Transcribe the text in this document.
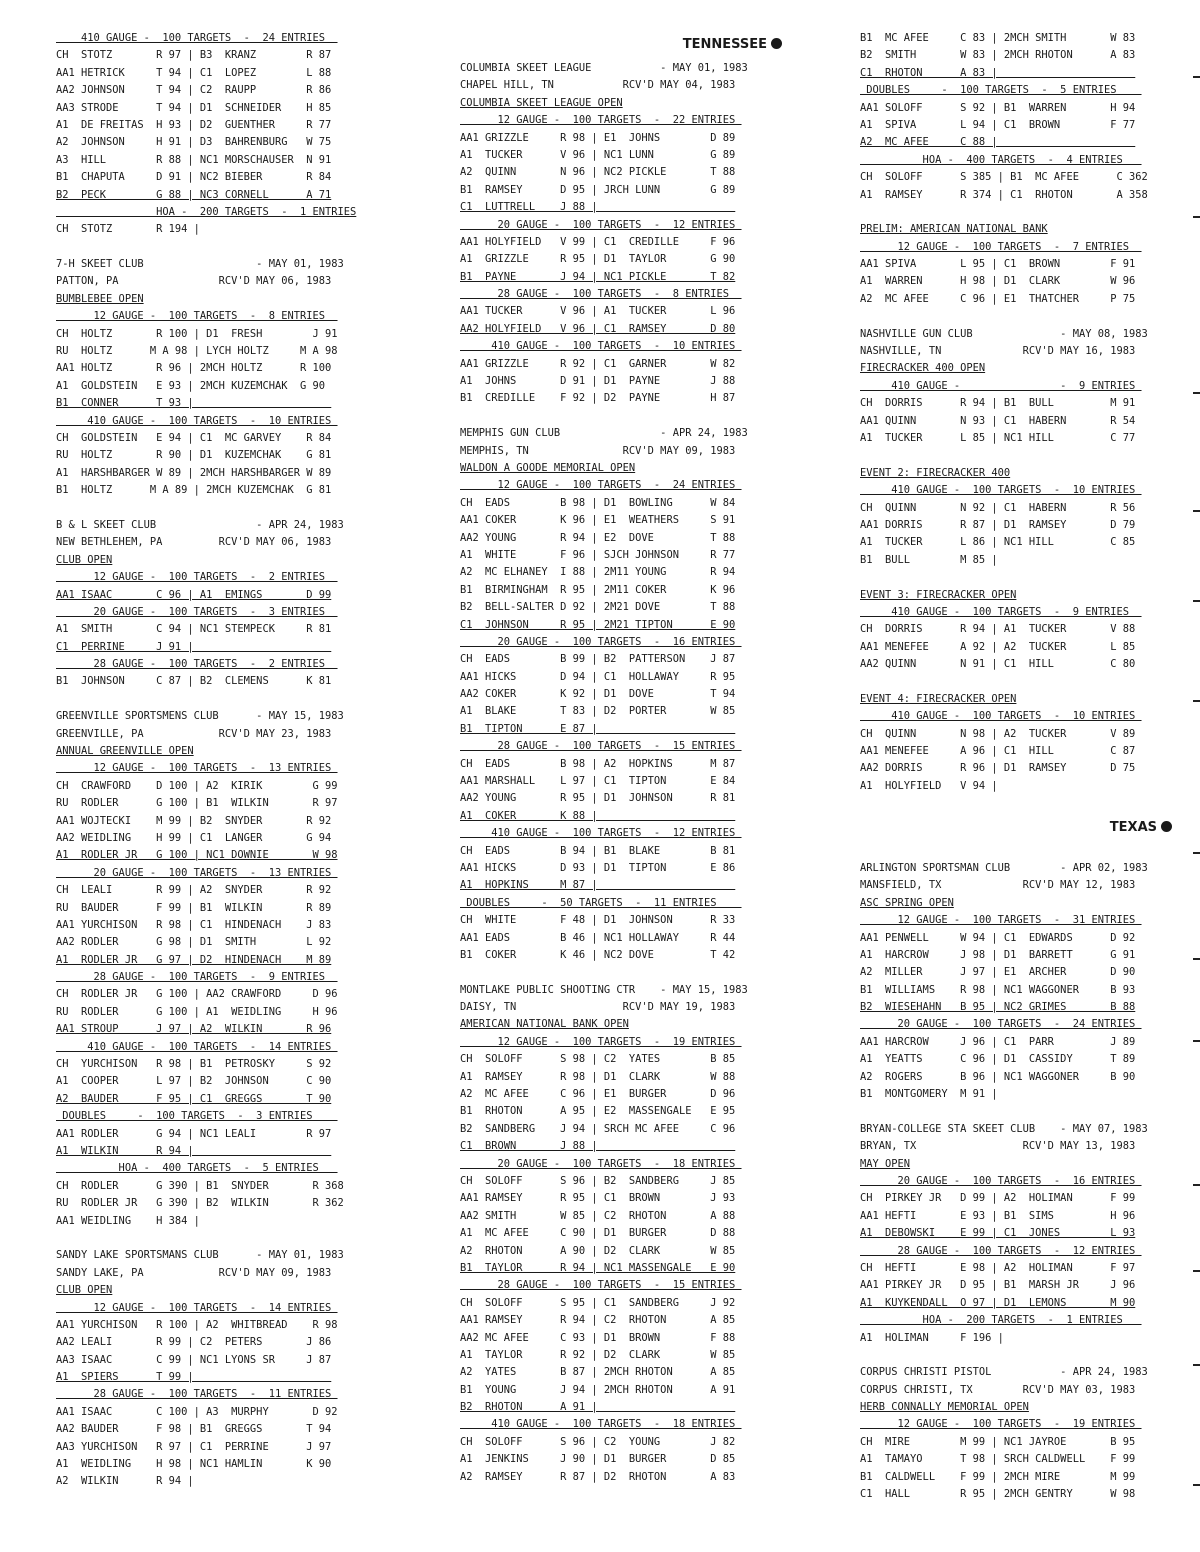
410 GAUGE -  100 TARGETS  -  24 ENTRIES
CH  STOTZ       R 97 | B3  KRANZ        R 87
AA1 HETRICK     T 94 | C1  LOPEZ        L 88
AA2 JOHNSON     T 94 | C2  RAUPP        R 86
AA3 STRODE      T 94 | D1  SCHNEIDER    H 85
A1  DE FREITAS  H 93 | D2  GUENTHER     R 77
A2  JOHNSON     H 91 | D3  BAHRENBURG   W 75
A3  HILL        R 88 | NC1 MORSCHAUSER  N 91
B1  CHAPUTA     D 91 | NC2 BIEBER       R 84
B2  PECK        G 88 | NC3 CORNELL      A 71
HOA -  200 TARGETS  -  1 ENTRIES
CH  STOTZ       R 194 |
7-H SKEET CLUB                  - MAY 01, 1983
PATTON, PA                RCV'D MAY 06, 1983
BUMBLEBEE OPEN
12 GAUGE -  100 TARGETS  -  8 ENTRIES
CH  HOLTZ       R 100 | D1  FRESH        J 91
RU  HOLTZ      M A 98 | LYCH HOLTZ     M A 98
AA1 HOLTZ       R 96 | 2MCH HOLTZ      R 100
A1  GOLDSTEIN   E 93 | 2MCH KUZEMCHAK  G 90
B1  CONNER      T 93 |
410 GAUGE -  100 TARGETS  -  10 ENTRIES
CH  GOLDSTEIN   E 94 | C1  MC GARVEY    R 84
RU  HOLTZ       R 90 | D1  KUZEMCHAK    G 81
A1  HARSHBARGER W 89 | 2MCH HARSHBARGER W 89
B1  HOLTZ      M A 89 | 2MCH KUZEMCHAK  G 81
B & L SKEET CLUB                - APR 24, 1983
NEW BETHLEHEM, PA         RCV'D MAY 06, 1983
CLUB OPEN
12 GAUGE -  100 TARGETS  -  2 ENTRIES
AA1 ISAAC       C 96 | A1  EMINGS       D 99
20 GAUGE -  100 TARGETS  -  3 ENTRIES
A1  SMITH       C 94 | NC1 STEMPECK     R 81
C1  PERRINE     J 91 |
28 GAUGE -  100 TARGETS  -  2 ENTRIES
B1  JOHNSON     C 87 | B2  CLEMENS      K 81
GREENVILLE SPORTSMENS CLUB      - MAY 15, 1983
GREENVILLE, PA            RCV'D MAY 23, 1983
ANNUAL GREENVILLE OPEN
12 GAUGE -  100 TARGETS  -  13 ENTRIES
CH  CRAWFORD    D 100 | A2  KIRIK        G 99
RU  RODLER      G 100 | B1  WILKIN       R 97
AA1 WOJTECKI    M 99 | B2  SNYDER       R 92
AA2 WEIDLING    H 99 | C1  LANGER       G 94
A1  RODLER JR   G 100 | NC1 DOWNIE       W 98
20 GAUGE -  100 TARGETS  -  13 ENTRIES
CH  LEALI       R 99 | A2  SNYDER       R 92
RU  BAUDER      F 99 | B1  WILKIN       R 89
AA1 YURCHISON   R 98 | C1  HINDENACH    J 83
AA2 RODLER      G 98 | D1  SMITH        L 92
A1  RODLER JR   G 97 | D2  HINDENACH    M 89
28 GAUGE -  100 TARGETS  -  9 ENTRIES
CH  RODLER JR   G 100 | AA2 CRAWFORD     D 96
RU  RODLER      G 100 | A1  WEIDLING     H 96
AA1 STROUP      J 97 | A2  WILKIN       R 96
410 GAUGE -  100 TARGETS  -  14 ENTRIES
CH  YURCHISON   R 98 | B1  PETROSKY     S 92
A1  COOPER      L 97 | B2  JOHNSON      C 90
A2  BAUDER      F 95 | C1  GREGGS       T 90
DOUBLES     -  100 TARGETS  -  3 ENTRIES
AA1 RODLER      G 94 | NC1 LEALI        R 97
A1  WILKIN      R 94 |
HOA -  400 TARGETS  -  5 ENTRIES
CH  RODLER      G 390 | B1  SNYDER       R 368
RU  RODLER JR   G 390 | B2  WILKIN       R 362
AA1 WEIDLING    H 384 |
SANDY LAKE SPORTSMANS CLUB      - MAY 01, 1983
SANDY LAKE, PA            RCV'D MAY 09, 1983
CLUB OPEN
12 GAUGE -  100 TARGETS  -  14 ENTRIES
AA1 YURCHISON   R 100 | A2  WHITBREAD    R 98
AA2 LEALI       R 99 | C2  PETERS       J 86
AA3 ISAAC       C 99 | NC1 LYONS SR     J 87
A1  SPIERS      T 99 |
28 GAUGE -  100 TARGETS  -  11 ENTRIES
AA1 ISAAC       C 100 | A3  MURPHY       D 92
AA2 BAUDER      F 98 | B1  GREGGS       T 94
AA3 YURCHISON   R 97 | C1  PERRINE      J 97
A1  WEIDLING    H 98 | NC1 HAMLIN       K 90
A2  WILKIN      R 94 |
TENNESSEE
COLUMBIA SKEET LEAGUE           - MAY 01, 1983
CHAPEL HILL, TN           RCV'D MAY 04, 1983
COLUMBIA SKEET LEAGUE OPEN
12 GAUGE -  100 TARGETS  -  22 ENTRIES
AA1 GRIZZLE     R 98 | E1  JOHNS        D 89
A1  TUCKER      V 96 | NC1 LUNN         G 89
A2  QUINN       N 96 | NC2 PICKLE       T 88
B1  RAMSEY      D 95 | JRCH LUNN        G 89
C1  LUTTRELL    J 88 |
20 GAUGE -  100 TARGETS  -  12 ENTRIES
AA1 HOLYFIELD   V 99 | C1  CREDILLE     F 96
A1  GRIZZLE     R 95 | D1  TAYLOR       G 90
B1  PAYNE       J 94 | NC1 PICKLE       T 82
28 GAUGE -  100 TARGETS  -  8 ENTRIES
AA1 TUCKER      V 96 | A1  TUCKER       L 96
AA2 HOLYFIELD   V 96 | C1  RAMSEY       D 80
410 GAUGE -  100 TARGETS  -  10 ENTRIES
AA1 GRIZZLE     R 92 | C1  GARNER       W 82
A1  JOHNS       D 91 | D1  PAYNE        J 88
B1  CREDILLE    F 92 | D2  PAYNE        H 87
MEMPHIS GUN CLUB                - APR 24, 1983
MEMPHIS, TN               RCV'D MAY 09, 1983
WALDON A GOODE MEMORIAL OPEN
12 GAUGE -  100 TARGETS  -  24 ENTRIES
CH  EADS        B 98 | D1  BOWLING      W 84
AA1 COKER       K 96 | E1  WEATHERS     S 91
AA2 YOUNG       R 94 | E2  DOVE         T 88
A1  WHITE       F 96 | SJCH JOHNSON     R 77
A2  MC ELHANEY  I 88 | 2M11 YOUNG       R 94
B1  BIRMINGHAM  R 95 | 2M11 COKER       K 96
B2  BELL-SALTER D 92 | 2M21 DOVE        T 88
C1  JOHNSON     R 95 | 2M21 TIPTON      E 90
20 GAUGE -  100 TARGETS  -  16 ENTRIES
CH  EADS        B 99 | B2  PATTERSON    J 87
AA1 HICKS       D 94 | C1  HOLLAWAY     R 95
AA2 COKER       K 92 | D1  DOVE         T 94
A1  BLAKE       T 83 | D2  PORTER       W 85
B1  TIPTON      E 87 |
28 GAUGE -  100 TARGETS  -  15 ENTRIES
CH  EADS        B 98 | A2  HOPKINS      M 87
AA1 MARSHALL    L 97 | C1  TIPTON       E 84
AA2 YOUNG       R 95 | D1  JOHNSON      R 81
A1  COKER       K 88 |
410 GAUGE -  100 TARGETS  -  12 ENTRIES
CH  EADS        B 94 | B1  BLAKE        B 81
AA1 HICKS       D 93 | D1  TIPTON       E 86
A1  HOPKINS     M 87 |
DOUBLES     -  50 TARGETS  -  11 ENTRIES
CH  WHITE       F 48 | D1  JOHNSON      R 33
AA1 EADS        B 46 | NC1 HOLLAWAY     R 44
B1  COKER       K 46 | NC2 DOVE         T 42
MONTLAKE PUBLIC SHOOTING CTR    - MAY 15, 1983
DAISY, TN                 RCV'D MAY 19, 1983
AMERICAN NATIONAL BANK OPEN
12 GAUGE -  100 TARGETS  -  19 ENTRIES
CH  SOLOFF      S 98 | C2  YATES        B 85
A1  RAMSEY      R 98 | D1  CLARK        W 88
A2  MC AFEE     C 96 | E1  BURGER       D 96
B1  RHOTON      A 95 | E2  MASSENGALE   E 95
B2  SANDBERG    J 94 | SRCH MC AFEE     C 96
C1  BROWN       J 88 |
20 GAUGE -  100 TARGETS  -  18 ENTRIES
CH  SOLOFF      S 96 | B2  SANDBERG     J 85
AA1 RAMSEY      R 95 | C1  BROWN        J 93
AA2 SMITH       W 85 | C2  RHOTON       A 88
A1  MC AFEE     C 90 | D1  BURGER       D 88
A2  RHOTON      A 90 | D2  CLARK        W 85
B1  TAYLOR      R 94 | NC1 MASSENGALE   E 90
28 GAUGE -  100 TARGETS  -  15 ENTRIES
CH  SOLOFF      S 95 | C1  SANDBERG     J 92
AA1 RAMSEY      R 94 | C2  RHOTON       A 85
AA2 MC AFEE     C 93 | D1  BROWN        F 88
A1  TAYLOR      R 92 | D2  CLARK        W 85
A2  YATES       B 87 | 2MCH RHOTON      A 85
B1  YOUNG       J 94 | 2MCH RHOTON      A 91
B2  RHOTON      A 91 |
410 GAUGE -  100 TARGETS  -  18 ENTRIES
CH  SOLOFF      S 96 | C2  YOUNG        J 82
A1  JENKINS     J 90 | D1  BURGER       D 85
A2  RAMSEY      R 87 | D2  RHOTON       A 83
B1  MC AFEE     C 83 | 2MCH SMITH       W 83
B2  SMITH       W 83 | 2MCH RHOTON      A 83
C1  RHOTON      A 83 |
DOUBLES     -  100 TARGETS  -  5 ENTRIES
AA1 SOLOFF      S 92 | B1  WARREN       H 94
A1  SPIVA       L 94 | C1  BROWN        F 77
A2  MC AFEE     C 88 |
HOA -  400 TARGETS  -  4 ENTRIES
CH  SOLOFF      S 385 | B1  MC AFEE      C 362
A1  RAMSEY      R 374 | C1  RHOTON       A 358
PRELIM: AMERICAN NATIONAL BANK
12 GAUGE -  100 TARGETS  -  7 ENTRIES
AA1 SPIVA       L 95 | C1  BROWN        F 91
A1  WARREN      H 98 | D1  CLARK        W 96
A2  MC AFEE     C 96 | E1  THATCHER     P 75
NASHVILLE GUN CLUB              - MAY 08, 1983
NASHVILLE, TN             RCV'D MAY 16, 1983
FIRECRACKER 400 OPEN
410 GAUGE -                -  9 ENTRIES
CH  DORRIS      R 94 | B1  BULL         M 91
AA1 QUINN       N 93 | C1  HABERN       R 54
A1  TUCKER      L 85 | NC1 HILL         C 77
EVENT 2: FIRECRACKER 400
410 GAUGE -  100 TARGETS  -  10 ENTRIES
CH  QUINN       N 92 | C1  HABERN       R 56
AA1 DORRIS      R 87 | D1  RAMSEY       D 79
A1  TUCKER      L 86 | NC1 HILL         C 85
B1  BULL        M 85 |
EVENT 3: FIRECRACKER OPEN
410 GAUGE -  100 TARGETS  -  9 ENTRIES
CH  DORRIS      R 94 | A1  TUCKER       V 88
AA1 MENEFEE     A 92 | A2  TUCKER       L 85
AA2 QUINN       N 91 | C1  HILL         C 80
EVENT 4: FIRECRACKER OPEN
410 GAUGE -  100 TARGETS  -  10 ENTRIES
CH  QUINN       N 98 | A2  TUCKER       V 89
AA1 MENEFEE     A 96 | C1  HILL         C 87
AA2 DORRIS      R 96 | D1  RAMSEY       D 75
A1  HOLYFIELD   V 94 |
TEXAS
ARLINGTON SPORTSMAN CLUB        - APR 02, 1983
MANSFIELD, TX             RCV'D MAY 12, 1983
ASC SPRING OPEN
12 GAUGE -  100 TARGETS  -  31 ENTRIES
AA1 PENWELL     W 94 | C1  EDWARDS      D 92
A1  HARCROW     J 98 | D1  BARRETT      G 91
A2  MILLER      J 97 | E1  ARCHER       D 90
B1  WILLIAMS    R 98 | NC1 WAGGONER     B 93
B2  WIESEHAHN   B 95 | NC2 GRIMES       B 88
20 GAUGE -  100 TARGETS  -  24 ENTRIES
AA1 HARCROW     J 96 | C1  PARR         J 89
A1  YEATTS      C 96 | D1  CASSIDY      T 89
A2  ROGERS      B 96 | NC1 WAGGONER     B 90
B1  MONTGOMERY  M 91 |
BRYAN-COLLEGE STA SKEET CLUB    - MAY 07, 1983
BRYAN, TX                 RCV'D MAY 13, 1983
MAY OPEN
20 GAUGE -  100 TARGETS  -  16 ENTRIES
CH  PIRKEY JR   D 99 | A2  HOLIMAN      F 99
AA1 HEFTI       E 93 | B1  SIMS         H 96
A1  DEBOWSKI    E 99 | C1  JONES        L 93
28 GAUGE -  100 TARGETS  -  12 ENTRIES
CH  HEFTI       E 98 | A2  HOLIMAN      F 97
AA1 PIRKEY JR   D 95 | B1  MARSH JR     J 96
A1  KUYKENDALL  O 97 | D1  LEMONS       M 90
HOA -  200 TARGETS  -  1 ENTRIES
A1  HOLIMAN     F 196 |
CORPUS CHRISTI PISTOL           - APR 24, 1983
CORPUS CHRISTI, TX        RCV'D MAY 03, 1983
HERB CONNALLY MEMORIAL OPEN
12 GAUGE -  100 TARGETS  -  19 ENTRIES
CH  MIRE        M 99 | NC1 JAYROE       B 95
A1  TAMAYO      T 98 | SRCH CALDWELL    F 99
B1  CALDWELL    F 99 | 2MCH MIRE        M 99
C1  HALL        R 95 | 2MCH GENTRY      W 98
